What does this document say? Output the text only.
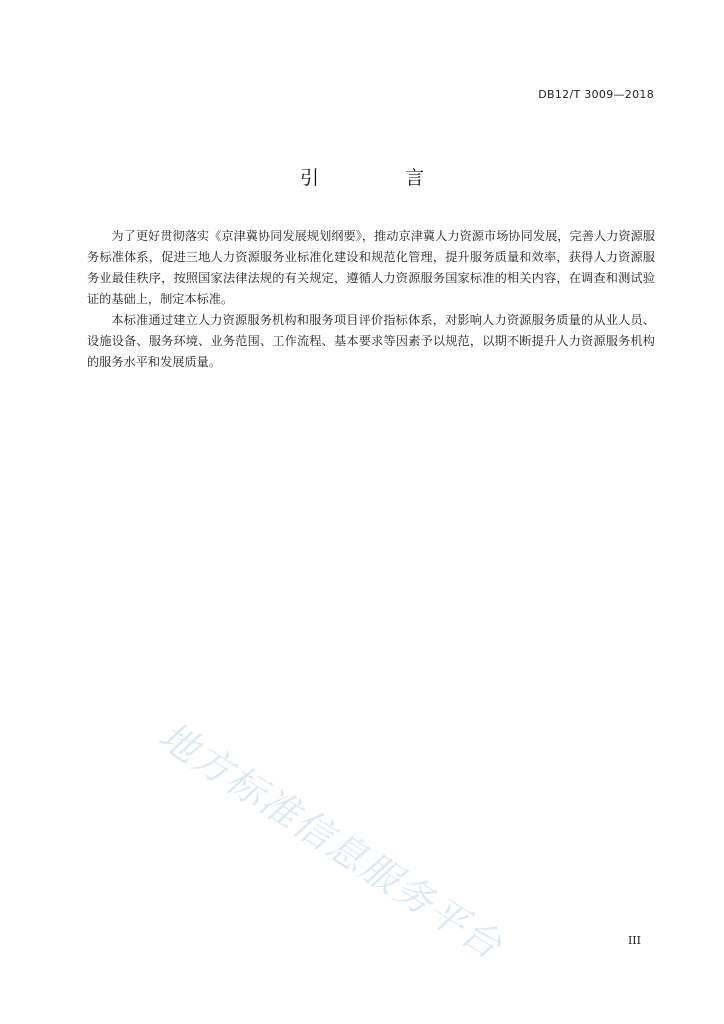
DB12/T 3009—2018
引 言

为了更好贯彻落实《京津冀协同发展规划纲要》，推动京津冀人力资源市场协同发展，完善人力资源服务标准体系，促进三地人力资源服务业标准化建设和规范化管理，提升服务质量和效率，获得人力资源服务业最佳秩序，按照国家法律法规的有关规定，遵循人力资源服务国家标准的相关内容，在调查和测试验证的基础上，制定本标准。

本标准通过建立人力资源服务机构和服务项目评价指标体系，对影响人力资源服务质量的从业人员、设施设备、服务环境、业务范围、工作流程、基本要求等因素予以规范，以期不断提升人力资源服务机构的服务水平和发展质量。

地方标准信息服务平台	III
